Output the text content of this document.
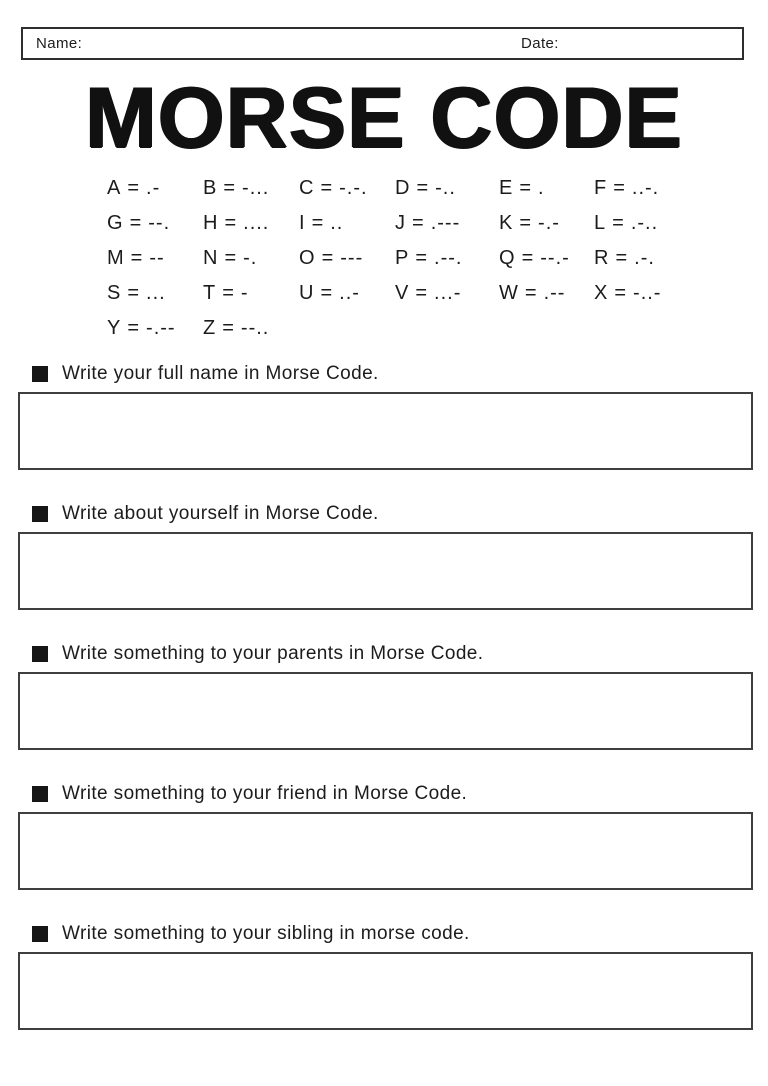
Name:	Date:
MORSE CODE
A = .- B = -... C = -.-. D = -.. E = . F = ..-.
G = --. H = .... I = ..	J = .--- K = -.- L = .-..
M = -- N = -. O = --- P = .--. Q = --.- R = .-.
S = ... T = -	U = ..- V = ...- W = .-- X = -..-
Y = -.-- Z = --..
Write your full name in Morse Code.
Write about yourself in Morse Code.
Write something to your parents in Morse Code.
Write something to your friend in Morse Code.
Write something to your sibling in morse code.
